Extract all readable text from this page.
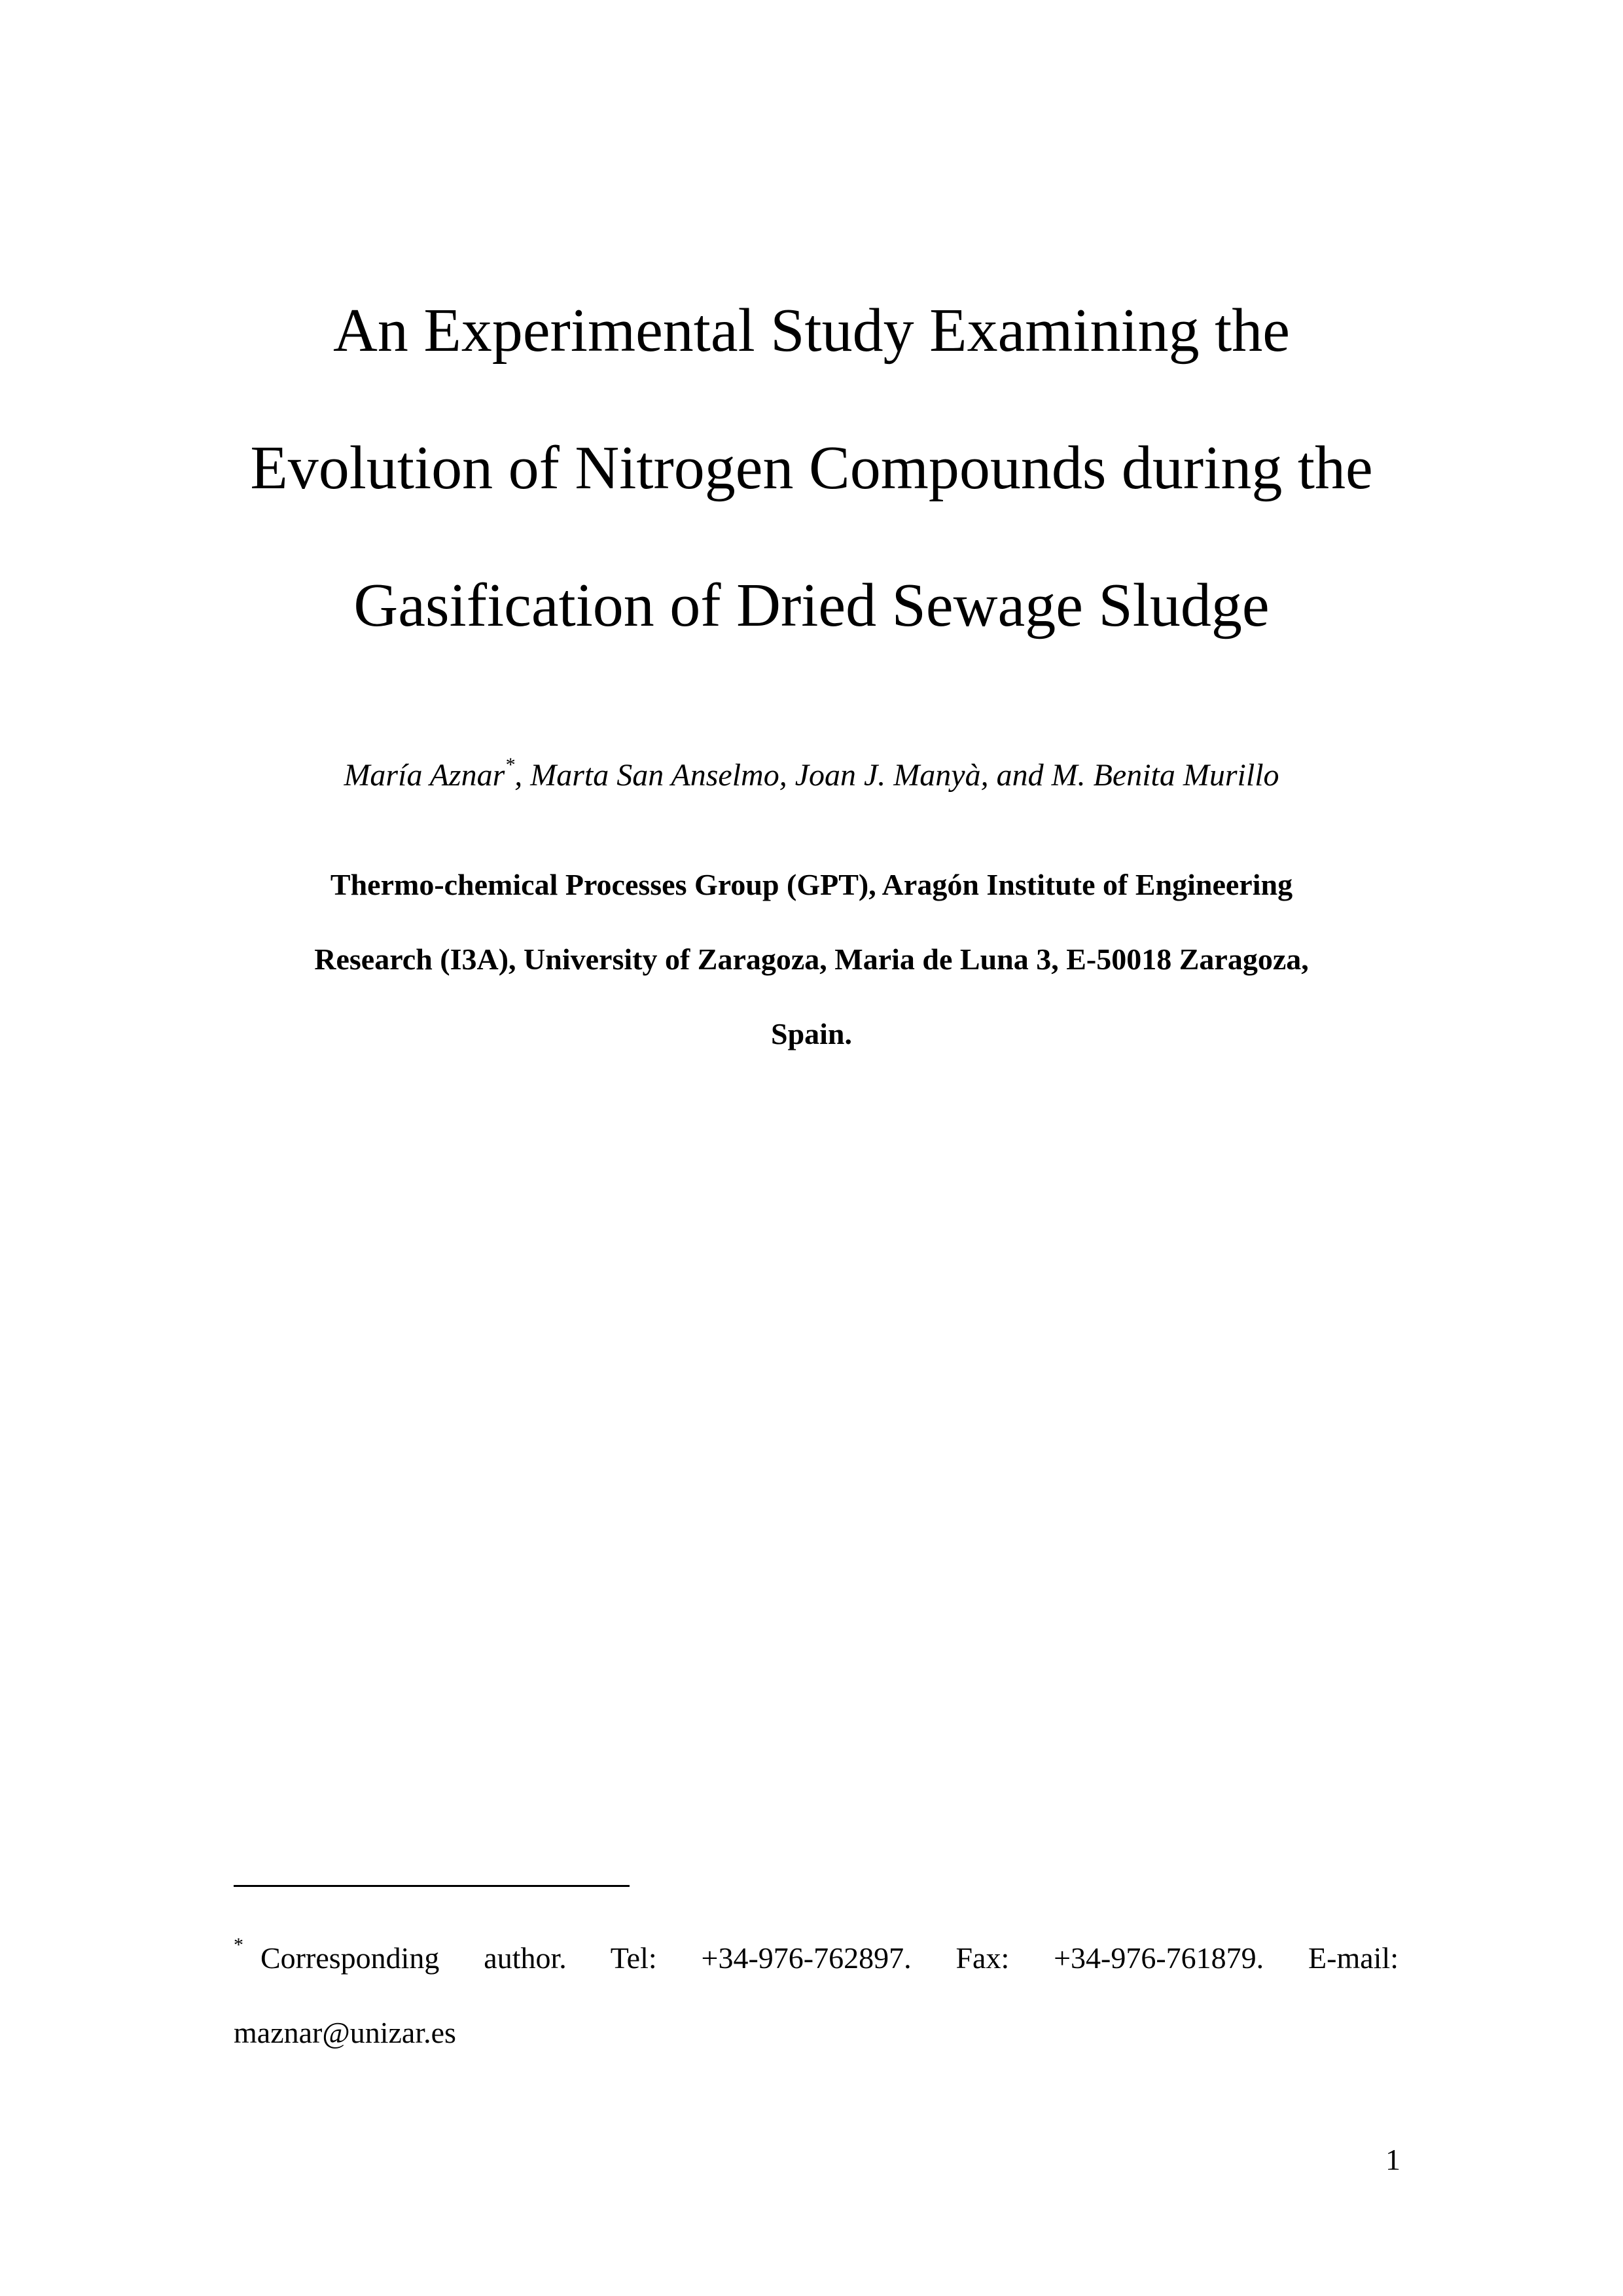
An Experimental Study Examining the
Evolution of Nitrogen Compounds during the
Gasification of Dried Sewage Sludge
María Aznar*, Marta San Anselmo, Joan J. Manyà, and M. Benita Murillo
Thermo-chemical Processes Group (GPT), Aragón Institute of Engineering
Research (I3A), University of Zaragoza, Maria de Luna 3, E-50018 Zaragoza,
Spain.
* Corresponding author. Tel: +34-976-762897. Fax: +34-976-761879. E-mail:
maznar@unizar.es
1
